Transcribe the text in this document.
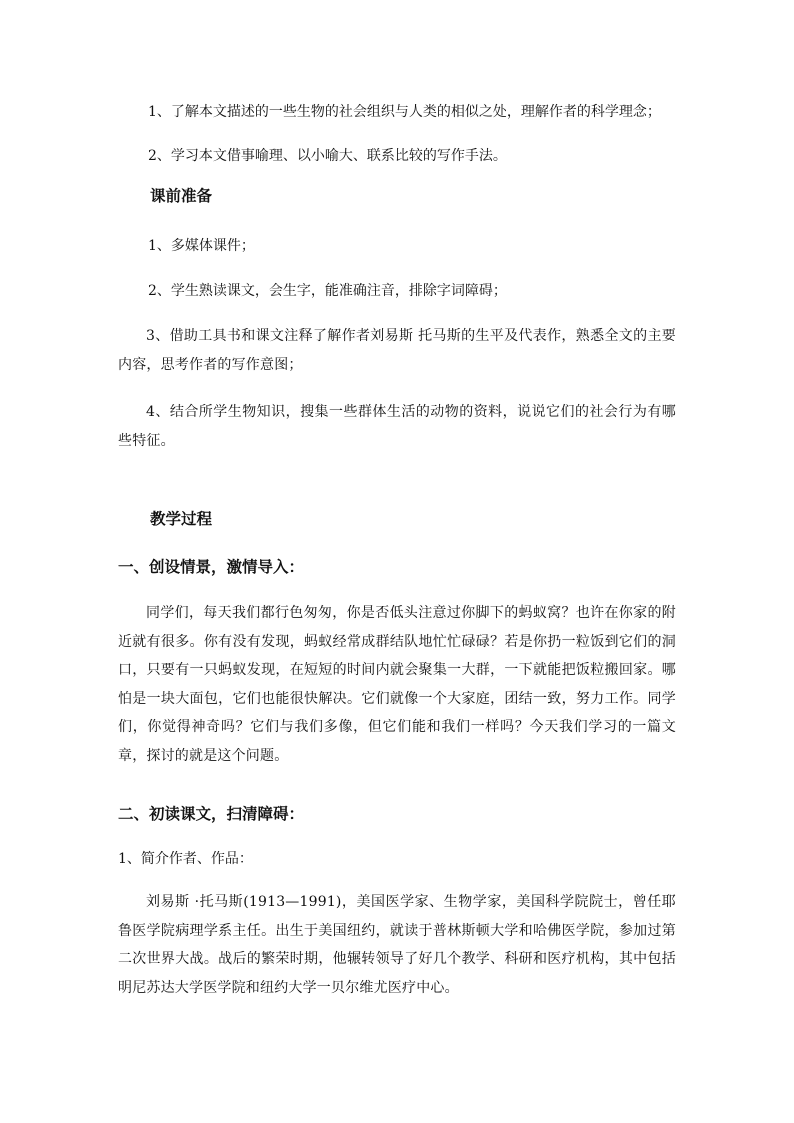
1、了解本文描述的一些生物的社会组织与人类的相似之处，理解作者的科学理念；
2、学习本文借事喻理、以小喻大、联系比较的写作手法。
课前准备
1、多媒体课件；
2、学生熟读课文，会生字，能准确注音，排除字词障碍；
3、借助工具书和课文注释了解作者刘易斯 托马斯的生平及代表作，熟悉全文的主要内容，思考作者的写作意图；
4、结合所学生物知识，搜集一些群体生活的动物的资料，说说它们的社会行为有哪些特征。
教学过程
一、创设情景，激情导入：
同学们，每天我们都行色匆匆，你是否低头注意过你脚下的蚂蚁窝？也许在你家的附近就有很多。你有没有发现，蚂蚁经常成群结队地忙忙碌碌？若是你扔一粒饭到它们的洞口，只要有一只蚂蚁发现，在短短的时间内就会聚集一大群，一下就能把饭粒搬回家。哪怕是一块大面包，它们也能很快解决。它们就像一个大家庭，团结一致，努力工作。同学们，你觉得神奇吗？它们与我们多像，但它们能和我们一样吗？今天我们学习的一篇文章，探讨的就是这个问题。
二、初读课文，扫清障碍：
1、简介作者、作品：
刘易斯 ·托马斯(1913—1991)，美国医学家、生物学家，美国科学院院士，曾任耶鲁医学院病理学系主任。出生于美国纽约，就读于普林斯顿大学和哈佛医学院，参加过第二次世界大战。战后的繁荣时期，他辗转领导了好几个教学、科研和医疗机构，其中包括明尼苏达大学医学院和纽约大学一贝尔维尤医疗中心。
